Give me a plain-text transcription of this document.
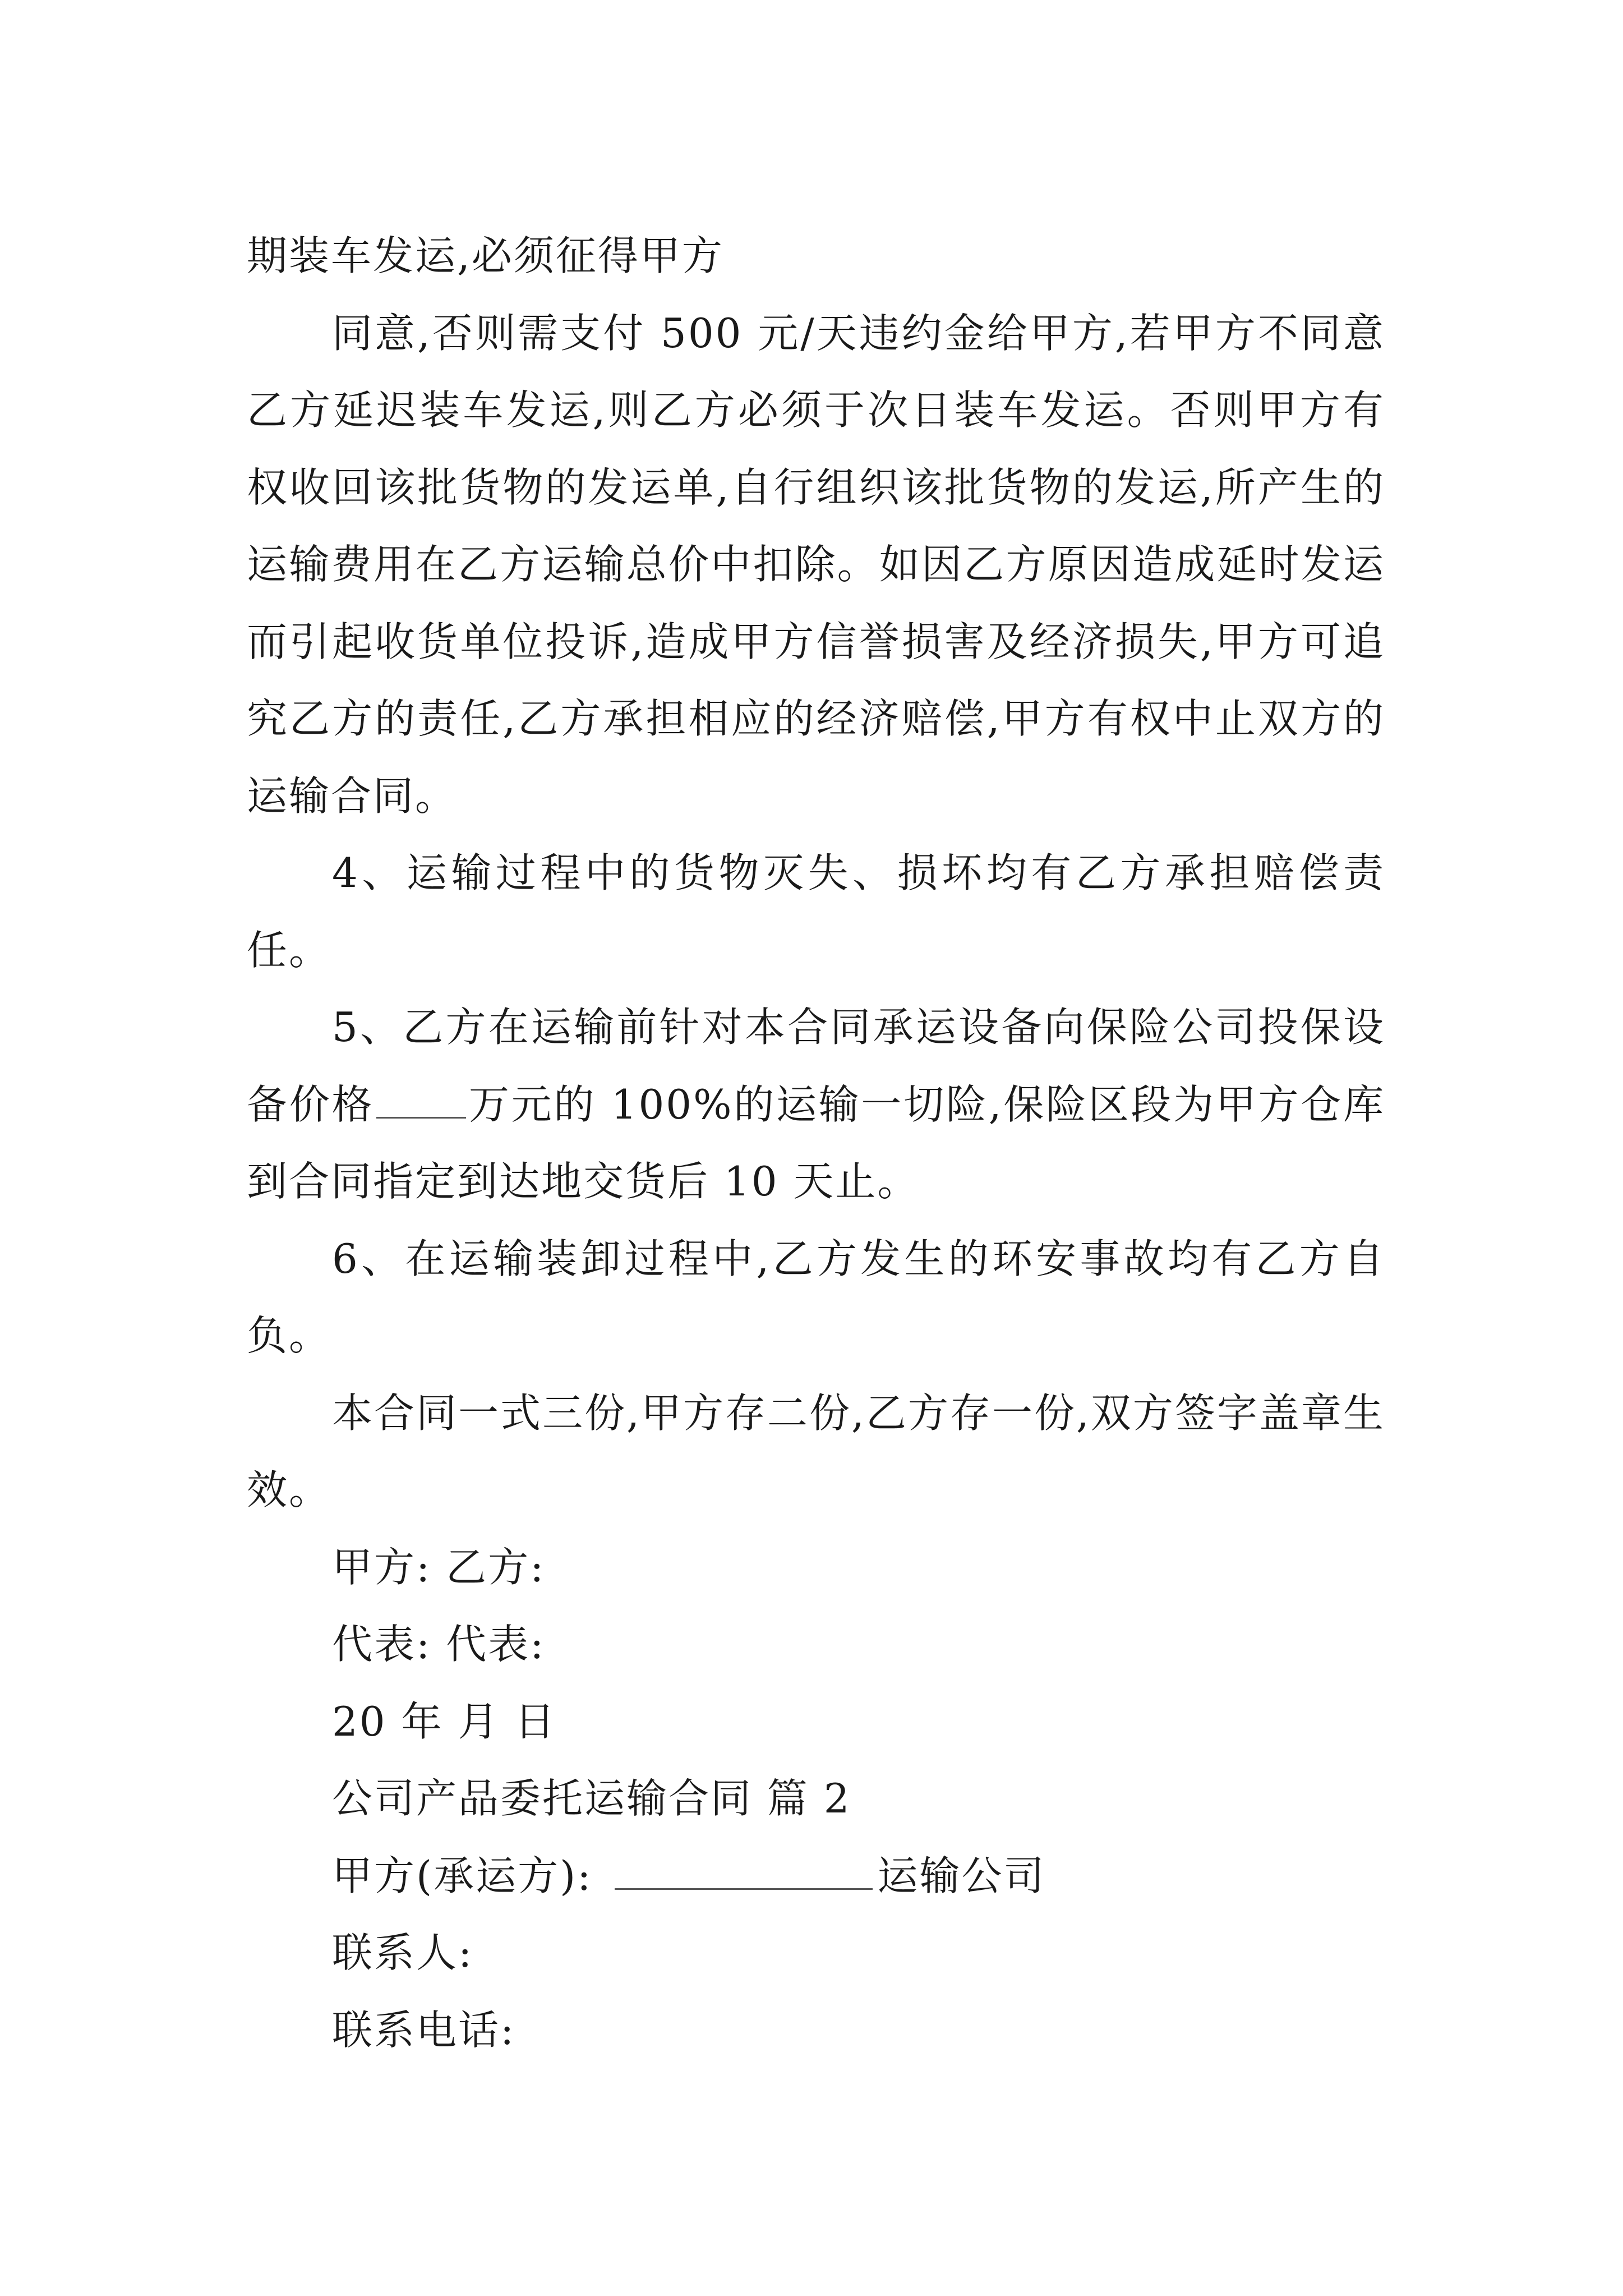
期装车发运,必须征得甲方

同意,否则需支付 500 元/天违约金给甲方,若甲方不同意乙方延迟装车发运,则乙方必须于次日装车发运。否则甲方有权收回该批货物的发运单,自行组织该批货物的发运,所产生的运输费用在乙方运输总价中扣除。如因乙方原因造成延时发运而引起收货单位投诉,造成甲方信誉损害及经济损失,甲方可追究乙方的责任,乙方承担相应的经济赔偿,甲方有权中止双方的运输合同。

4、运输过程中的货物灭失、损坏均有乙方承担赔偿责任。

5、乙方在运输前针对本合同承运设备向保险公司投保设备价格 万元的 100%的运输一切险,保险区段为甲方仓库到合同指定到达地交货后 10 天止。

6、在运输装卸过程中,乙方发生的环安事故均有乙方自负。

本合同一式三份,甲方存二份,乙方存一份,双方签字盖章生效。

甲方: 乙方:

代表: 代表:

20 年 月 日

公司产品委托运输合同 篇 2

甲方(承运方):	运输公司

联系人:

联系电话:
